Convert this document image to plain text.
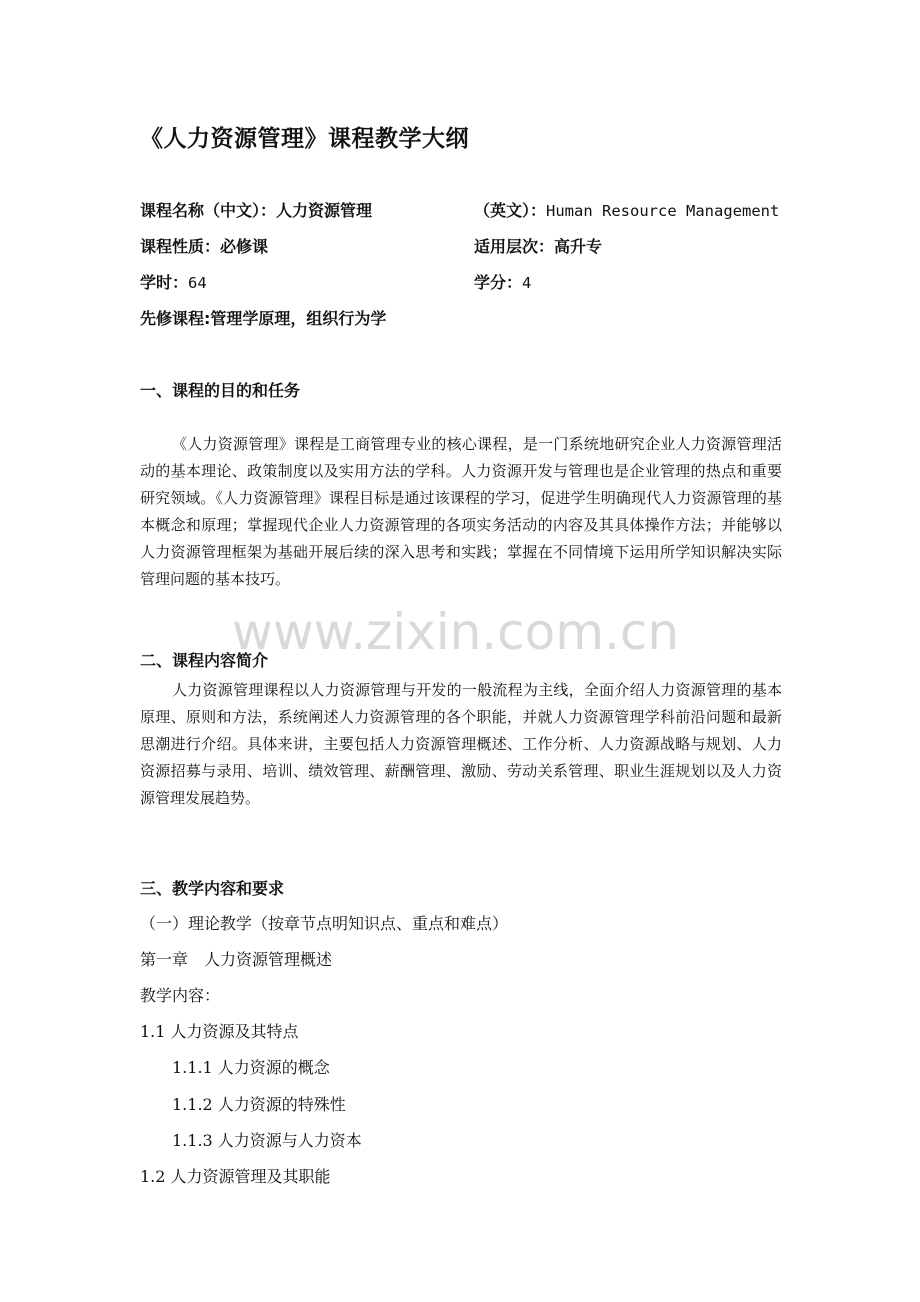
《人力资源管理》课程教学大纲
课程名称（中文）：人力资源管理	（英文）：Human Resource Management
课程性质：必修课	适用层次：高升专
学时：64	学分：4
先修课程:管理学原理，组织行为学
一、课程的目的和任务

《人力资源管理》课程是工商管理专业的核心课程，是一门系统地研究企业人力资源管理活动的基本理论、政策制度以及实用方法的学科。人力资源开发与管理也是企业管理的热点和重要研究领域。《人力资源管理》课程目标是通过该课程的学习，促进学生明确现代人力资源管理的基本概念和原理；掌握现代企业人力资源管理的各项实务活动的内容及其具体操作方法；并能够以人力资源管理框架为基础开展后续的深入思考和实践；掌握在不同情境下运用所学知识解决实际管理问题的基本技巧。

二、课程内容简介

人力资源管理课程以人力资源管理与开发的一般流程为主线，全面介绍人力资源管理的基本原理、原则和方法，系统阐述人力资源管理的各个职能，并就人力资源管理学科前沿问题和最新思潮进行介绍。具体来讲，主要包括人力资源管理概述、工作分析、人力资源战略与规划、人力资源招募与录用、培训、绩效管理、薪酬管理、激励、劳动关系管理、职业生涯规划以及人力资源管理发展趋势。

三、教学内容和要求
（一）理论教学（按章节点明知识点、重点和难点）
第一章　人力资源管理概述
教学内容：
1.1 人力资源及其特点
1.1.1 人力资源的概念
1.1.2 人力资源的特殊性
1.1.3 人力资源与人力资本
1.2 人力资源管理及其职能
www.zixin.com.cn
